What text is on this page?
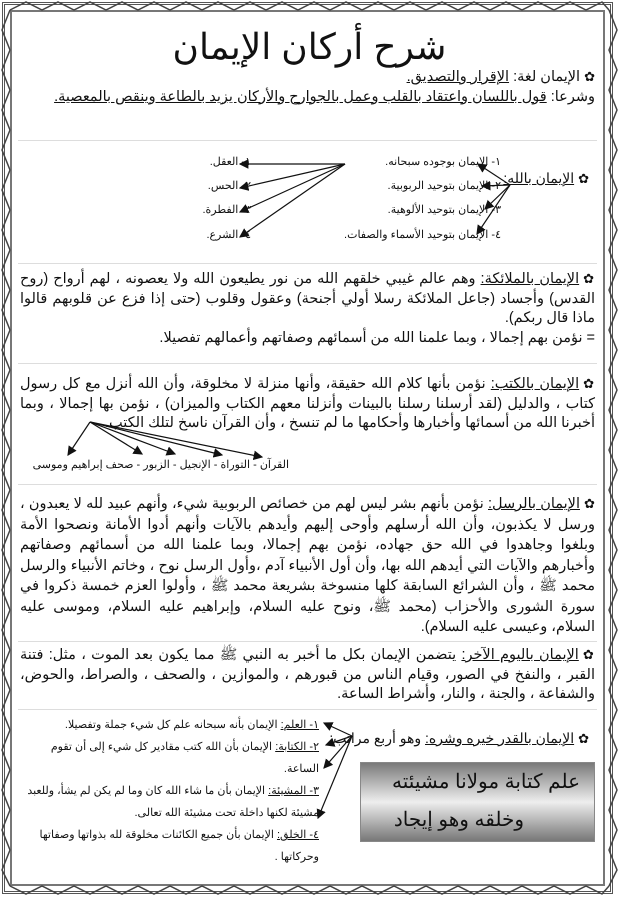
شرح أركان الإيمان
✿الإيمان لغة: الإقرار والتصديق.
وشرعا: قول باللسان واعتقاد بالقلب وعمل بالجوارح والأركان يزيد بالطاعة وينقص بالمعصية.
✿الإيمان بالله:
١- الإيمان بوجوده سبحانه.
٢- الإيمان بتوحيد الربوبية.
٣- الإيمان بتوحيد الألوهية.
٤- الإيمان بتوحيد الأسماء والصفات.
١- العقل.
٢- الحس.
٣- الفطرة.
٤- الشرع.
✿الإيمان بالملائكة: وهم عالم غيبي خلقهم الله من نور يطيعون الله ولا يعصونه ، لهم أرواح (روح القدس) وأجساد (جاعل الملائكة رسلا أولي أجنحة) وعقول وقلوب (حتى إذا فزع عن قلوبهم قالوا ماذا قال ربكم).
= نؤمن بهم إجمالا ، وبما علمنا الله من أسمائهم وصفاتهم وأعمالهم تفصيلا.
✿الإيمان بالكتب: نؤمن بأنها كلام الله حقيقة، وأنها منزلة لا مخلوقة، وأن الله أنزل مع كل رسول كتاب ، والدليل (لقد أرسلنا رسلنا بالبينات وأنزلنا معهم الكتاب والميزان) ، نؤمن بها إجمالا ، وبما أخبرنا الله من أسمائها وأخبارها وأحكامها ما لم تنسخ ، وأن القرآن ناسخ لتلك الكتب.
القرآن - التوراة - الإنجيل - الزبور - صحف إبراهيم وموسى
✿الإيمان بالرسل: نؤمن بأنهم بشر ليس لهم من خصائص الربوبية شيء، وأنهم عبيد لله لا يعبدون ، ورسل لا يكذبون، وأن الله أرسلهم وأوحى إليهم وأيدهم بالآيات وأنهم أدوا الأمانة ونصحوا الأمة وبلغوا وجاهدوا في الله حق جهاده، نؤمن بهم إجمالا، وبما علمنا الله من أسمائهم وصفاتهم وأخبارهم والآيات التي أيدهم الله بها، وأن أول الأنبياء آدم ،وأول الرسل نوح ، وخاتم الأنبياء والرسل محمد ﷺ ، وأن الشرائع السابقة كلها منسوخة بشريعة محمد ﷺ ، وأولوا العزم خمسة ذكروا في سورة الشورى والأحزاب (محمد ﷺ، ونوح عليه السلام، وإبراهيم عليه السلام، وموسى عليه السلام، وعيسى عليه السلام).
✿الإيمان باليوم الآخر: يتضمن الإيمان بكل ما أخبر به النبي ﷺ مما يكون بعد الموت ، مثل: فتنة القبر ، والنفخ في الصور، وقيام الناس من قبورهم ، والموازين ، والصحف ، والصراط، والحوض، والشفاعة ، والجنة ، والنار، وأشراط الساعة.
✿الإيمان بالقدر خيره وشره: وهو أربع مراتب:
١- العلم: الإيمان بأنه سبحانه علم كل شيء جملة وتفصيلا.
٢- الكتابة: الإيمان بأن الله كتب مقادير كل شيء إلى أن تقوم الساعة.
٣- المشيئة: الإيمان بأن ما شاء الله كان وما لم يكن لم يشأ، وللعبد مشيئة لكنها داخلة تحت مشيئة الله تعالى.
٤- الخلق: الإيمان بأن جميع الكائنات مخلوقة لله بذواتها وصفاتها وحركاتها .
علم كتابة مولانا مشيئته
وخلقه وهو إيجاد
